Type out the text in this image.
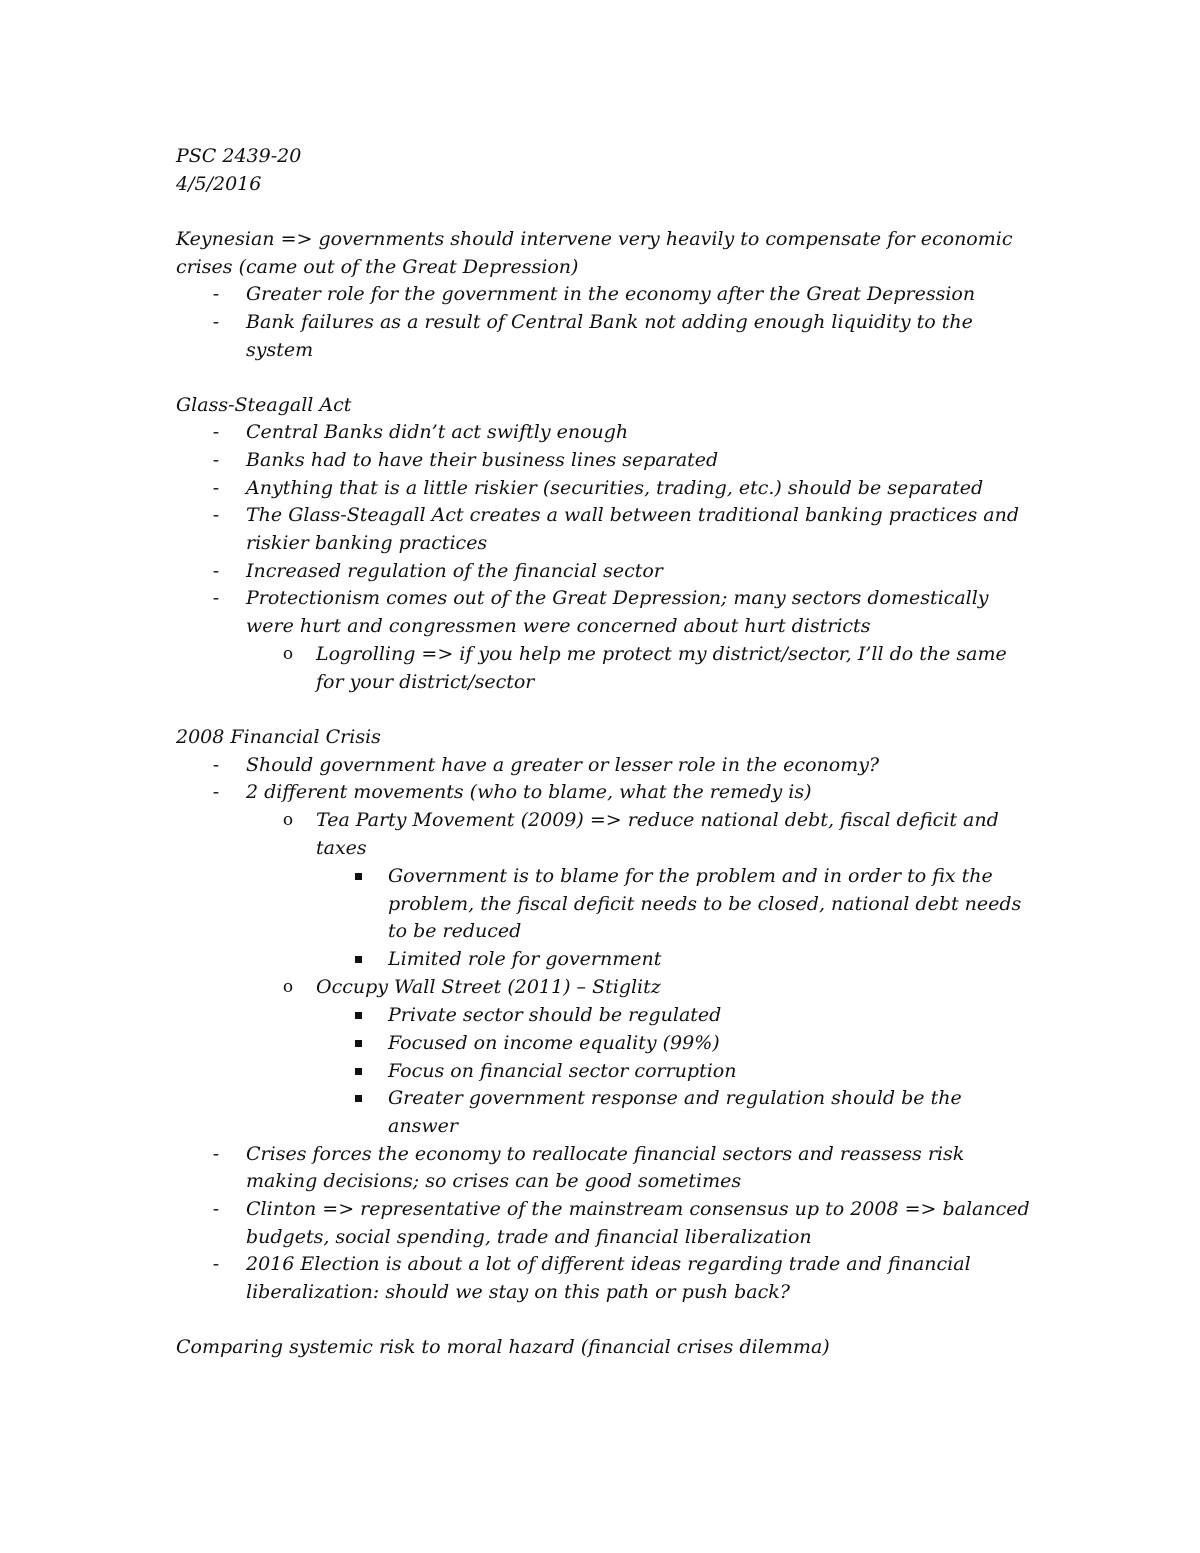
PSC 2439-20
4/5/2016
Keynesian => governments should intervene very heavily to compensate for economic
crises (came out of the Great Depression)
-	Greater role for the government in the economy after the Great Depression
-	Bank failures as a result of Central Bank not adding enough liquidity to the
system
Glass-Steagall Act
-	Central Banks didn’t act swiftly enough
-	Banks had to have their business lines separated
-	Anything that is a little riskier (securities, trading, etc.) should be separated
-	The Glass-Steagall Act creates a wall between traditional banking practices and
riskier banking practices
-	Increased regulation of the financial sector
-	Protectionism comes out of the Great Depression; many sectors domestically
were hurt and congressmen were concerned about hurt districts
o Logrolling => if you help me protect my district/sector, I’ll do the same
for your district/sector
2008 Financial Crisis
-	Should government have a greater or lesser role in the economy?
-	2 different movements (who to blame, what the remedy is)
o Tea Party Movement (2009) => reduce national debt, fiscal deficit and
taxes
Government is to blame for the problem and in order to fix the
problem, the fiscal deficit needs to be closed, national debt needs
to be reduced
Limited role for government
o Occupy Wall Street (2011) – Stiglitz
Private sector should be regulated
Focused on income equality (99%)
Focus on financial sector corruption
Greater government response and regulation should be the
answer
-	Crises forces the economy to reallocate financial sectors and reassess risk
making decisions; so crises can be good sometimes
-	Clinton => representative of the mainstream consensus up to 2008 => balanced
budgets, social spending, trade and financial liberalization
-	2016 Election is about a lot of different ideas regarding trade and financial
liberalization: should we stay on this path or push back?
Comparing systemic risk to moral hazard (financial crises dilemma)
